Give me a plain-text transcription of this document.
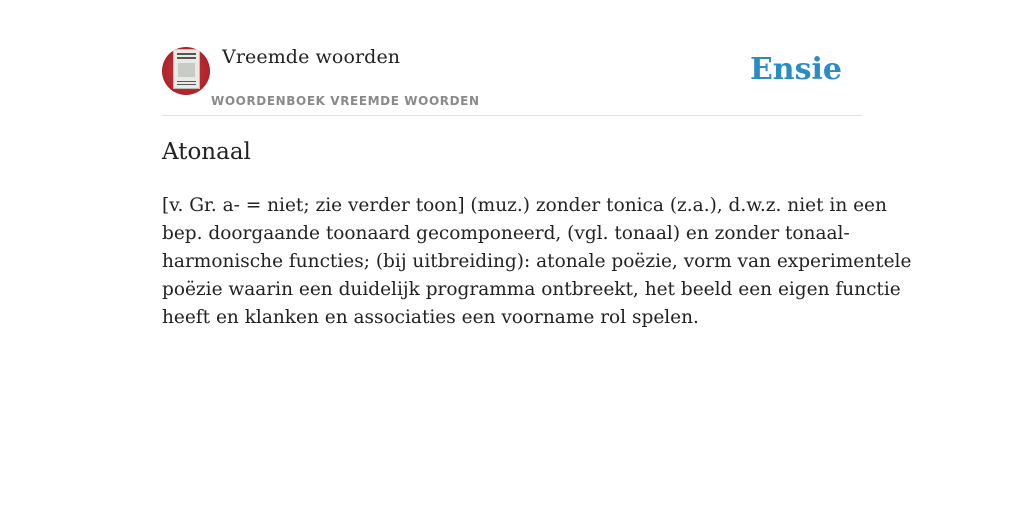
Vreemde woorden
WOORDENBOEK VREEMDE WOORDEN
Ensie
Atonaal

[v. Gr. a- = niet; zie verder toon] (muz.) zonder tonica (z.a.), d.w.z. niet in een
bep. doorgaande toonaard gecomponeerd, (vgl. tonaal) en zonder tonaal-
harmonische functies; (bij uitbreiding): atonale poëzie, vorm van experimentele
poëzie waarin een duidelijk programma ontbreekt, het beeld een eigen functie
heeft en klanken en associaties een voorname rol spelen.
